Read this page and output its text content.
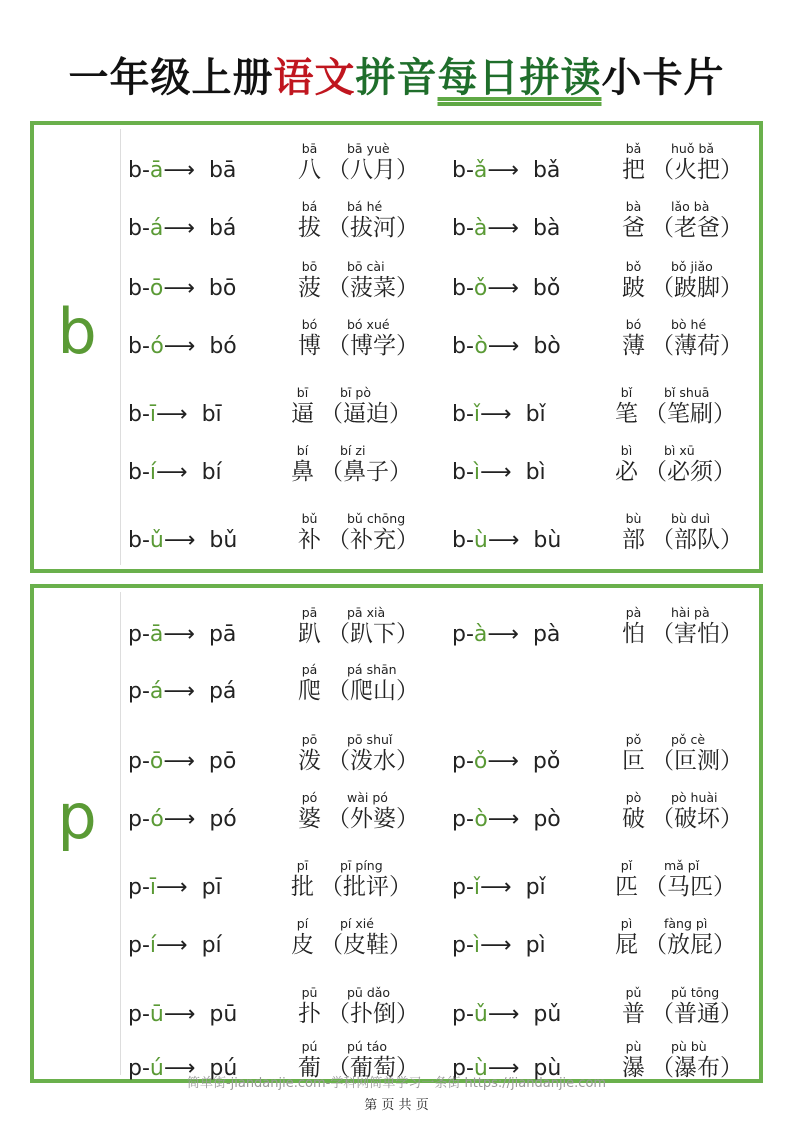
一年级上册语文拼音每日拼读小卡片
b
b-ā⟶ bā
bā
八
bā yuè
（八月） b-ǎ⟶ bǎ
bǎ
把
huǒ bǎ
（火把）
b-á⟶ bá
bá
拔
bá hé
（拔河） b-à⟶ bà
bà
爸
lǎo bà
（老爸）
b-ō⟶ bō
bō
菠
bō cài
（菠菜） b-ǒ⟶ bǒ
bǒ
跛
bǒ jiǎo
（跛脚）
b-ó⟶ bó
bó
博
bó xué
（博学） b-ò⟶ bò
bó
薄
bò hé
（薄荷）
b-ī⟶ bī
bī
逼
bī pò
（逼迫） b-ǐ⟶ bǐ
bǐ
笔
bǐ shuā
（笔刷）
b-í⟶ bí
bí
鼻
bí zi
（鼻子） b-ì⟶ bì
bì
必
bì xū
（必须）
b-ǔ⟶ bǔ
bǔ
补
bǔ chōng
（补充） b-ù⟶ bù
bù
部
bù duì
（部队）
p
p-ā⟶ pā
pā
趴
pā xià
（趴下） p-à⟶ pà
pà
怕
hài pà
（害怕）
p-á⟶ pá
pá
爬
pá shān
（爬山）
p-ō⟶ pō
pō
泼
pō shuǐ
（泼水） p-ǒ⟶ pǒ
pǒ
叵
pǒ cè
（叵测）
p-ó⟶ pó
pó
婆
wài pó
（外婆） p-ò⟶ pò
pò
破
pò huài
（破坏）
p-ī⟶ pī
pī
批
pī píng
（批评） p-ǐ⟶ pǐ
pǐ
匹
mǎ pǐ
（马匹）
p-í⟶ pí
pí
皮
pí xié
（皮鞋） p-ì⟶ pì
pì
屁
fàng pì
（放屁）
p-ū⟶ pū
pū
扑
pū dǎo
（扑倒） p-ǔ⟶ pǔ
pǔ
普
pǔ tōng
（普通）
p-ú⟶ pú
pú
葡
pú táo
（葡萄） p-ù⟶ pù
pù
瀑
pù bù
（瀑布）
简单街-jiandanjie.com-学科网简单学习一条街 https://jiandanjie.com
第 页 共 页
